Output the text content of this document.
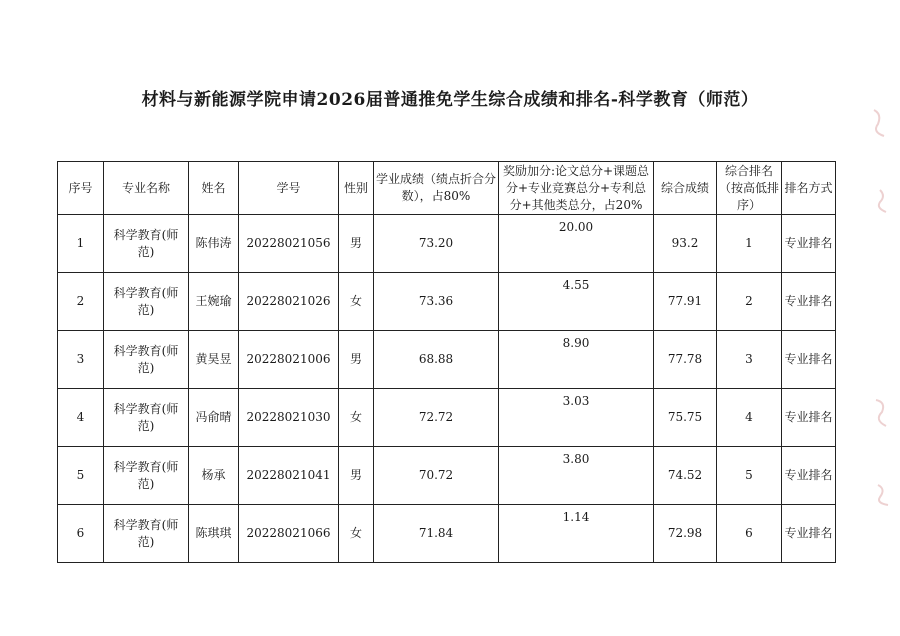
材料与新能源学院申请2026届普通推免学生综合成绩和排名-科学教育（师范）
序号	专业名称	姓名	学号	性别	学业成绩（绩点折合分数），占80%	奖励加分:论文总分+课题总分+专业竞赛总分+专利总分+其他类总分，占20%	综合成绩	综合排名（按高低排序）	排名方式
1	科学教育(师范)	陈伟涛	20228021056	男	73.20	20.00	93.2	1	专业排名
2	科学教育(师范)	王婉瑜	20228021026	女	73.36	4.55	77.91	2	专业排名
3	科学教育(师范)	黄昊昱	20228021006	男	68.88	8.90	77.78	3	专业排名
4	科学教育(师范)	冯俞晴	20228021030	女	72.72	3.03	75.75	4	专业排名
5	科学教育(师范)	杨承	20228021041	男	70.72	3.80	74.52	5	专业排名
6	科学教育(师范)	陈琪琪	20228021066	女	71.84	1.14	72.98	6	专业排名
